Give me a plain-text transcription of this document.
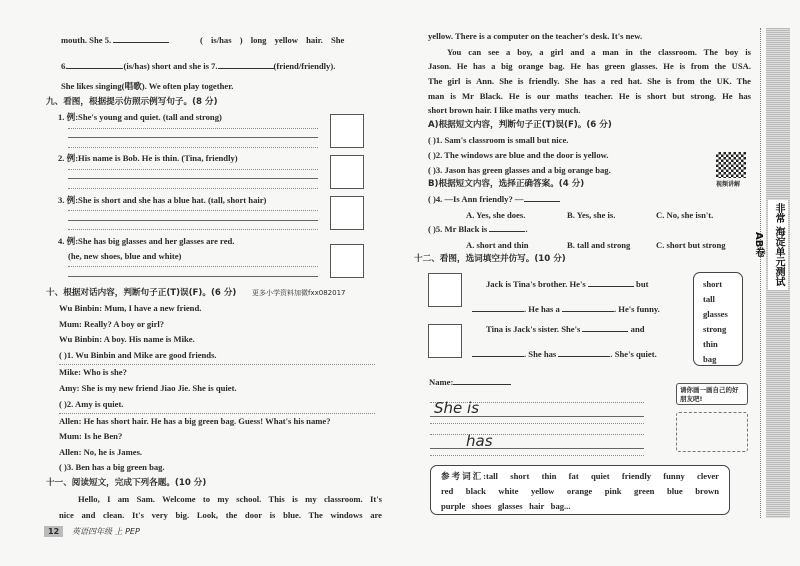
mouth. She 5.	( is/has ) long yellow hair. She
6.	(is/has) short and she is 7.	(friend/friendly).
She likes singing(唱歌). We often play together.
九、看图，根据提示仿照示例写句子。(8 分)
1. 例:She's young and quiet. (tall and strong)
2. 例:His name is Bob. He is thin. (Tina, friendly)
3. 例:She is short and she has a blue hat. (tall, short hair)
4. 例:She has big glasses and her glasses are red.
(he, new shoes, blue and white)
十、根据对话内容，判断句子正(T)误(F)。(6 分) 更多小学资料加微fxx082017
Wu Binbin: Mum, I have a new friend.
Mum: Really? A boy or girl?
Wu Binbin: A boy. His name is Mike.
( )1. Wu Binbin and Mike are good friends.
Mike: Who is she?
Amy: She is my new friend Jiao Jie. She is quiet.
( )2. Amy is quiet.
Allen: He has short hair. He has a big green bag. Guess! What's his name?
Mum: Is he Ben?
Allen: No, he is James.
( )3. Ben has a big green bag.
十一、阅读短文，完成下列各题。(10 分)
Hello, I am Sam. Welcome to my school. This is my classroom. It's
nice and clean. It's very big. Look, the door is blue. The windows are
12	英语四年级 上 PEP
yellow. There is a computer on the teacher's desk. It's new.
You can see a boy, a girl and a man in the classroom. The boy is
Jason. He has a big orange bag. He has green glasses. He is from the USA.
The girl is Ann. She is friendly. She has a red hat. She is from the UK. The
man is Mr Black. He is our maths teacher. He is short but strong. He has
short brown hair. I like maths very much.
A)根据短文内容，判断句子正(T)误(F)。(6 分)
( )1. Sam's classroom is small but nice.
( )2. The windows are blue and the door is yellow.
( )3. Jason has green glasses and a big orange bag.
视频讲解
B)根据短文内容，选择正确答案。(4 分)
( )4. —Is Ann friendly? —
A. Yes, she does.	B. Yes, she is.	C. No, she isn't.
( )5. Mr Black is	.
A. short and thin	B. tall and strong	C. short but strong
十二、看图，选词填空并仿写。(10 分)
Jack is Tina's brother. He's	but
. He has a	. He's funny.
Tina is Jack's sister. She's	and
. She has	. She's quiet.
short
tall
glasses
strong
thin
bag
Name:
She is
has
请你画一画自己的好朋友吧!
参考词汇:tall   short   thin   fat   quiet   friendly   funny   clever
red   black   white   yellow   orange   pink   green   blue   brown
purple   shoes   glasses   hair   bag...
非常 海淀单元测试AB卷
